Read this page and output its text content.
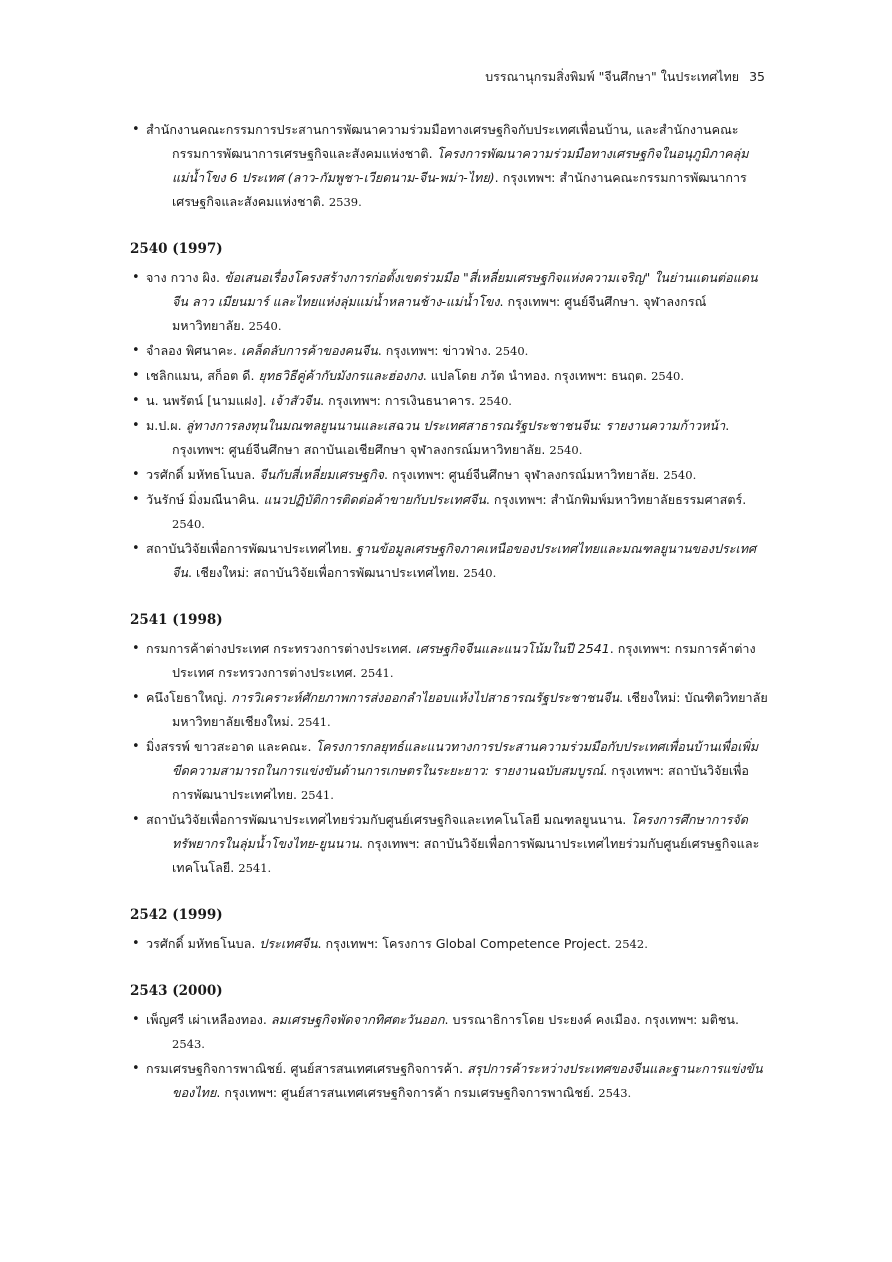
บรรณานุกรมสิ่งพิมพ์ "จีนศึกษา" ในประเทศไทย 35
• สำนักงานคณะกรรมการประสานการพัฒนาความร่วมมือทางเศรษฐกิจกับประเทศเพื่อนบ้าน, และสำนักงานคณะกรรมการพัฒนาการเศรษฐกิจและสังคมแห่งชาติ. โครงการพัฒนาความร่วมมือทางเศรษฐกิจในอนุภูมิภาคลุ่มแม่น้ำโขง 6 ประเทศ (ลาว-กัมพูชา-เวียดนาม-จีน-พม่า-ไทย). กรุงเทพฯ: สำนักงานคณะกรรมการพัฒนาการเศรษฐกิจและสังคมแห่งชาติ. 2539.
2540 (1997)
• จาง กวาง ผิง. ข้อเสนอเรื่องโครงสร้างการก่อตั้งเขตร่วมมือ "สี่เหลี่ยมเศรษฐกิจแห่งความเจริญ" ในย่านแดนต่อแดนจีน ลาว เมียนมาร์ และไทยแห่งลุ่มแม่น้ำหลานช้าง-แม่น้ำโขง. กรุงเทพฯ: ศูนย์จีนศึกษา. จุฬาลงกรณ์มหาวิทยาลัย. 2540.
• จำลอง พิศนาคะ. เคล็ดลับการค้าของคนจีน. กรุงเทพฯ: ข่าวฟ่าง. 2540.
• เชลิกแมน, สก็อต ดี. ยุทธวิธีคู่ค้ากับมังกรและฮ่องกง. แปลโดย ภวัต นำทอง. กรุงเทพฯ: ธนฤต. 2540.
• น. นพรัตน์ [นามแฝง]. เจ้าสัวจีน. กรุงเทพฯ: การเงินธนาคาร. 2540.
• ม.ป.ผ. ลู่ทางการลงทุนในมณฑลยูนนานและเสฉวน ประเทศสาธารณรัฐประชาชนจีน: รายงานความก้าวหน้า. กรุงเทพฯ: ศูนย์จีนศึกษา สถาบันเอเชียศึกษา จุฬาลงกรณ์มหาวิทยาลัย. 2540.
• วรศักดิ์ มหัทธโนบล. จีนกับสี่เหลี่ยมเศรษฐกิจ. กรุงเทพฯ: ศูนย์จีนศึกษา จุฬาลงกรณ์มหาวิทยาลัย. 2540.
• วันรักษ์ มิ่งมณีนาคิน. แนวปฏิบัติการติดต่อค้าขายกับประเทศจีน. กรุงเทพฯ: สำนักพิมพ์มหาวิทยาลัยธรรมศาสตร์. 2540.
• สถาบันวิจัยเพื่อการพัฒนาประเทศไทย. ฐานข้อมูลเศรษฐกิจภาคเหนือของประเทศไทยและมณฑลยูนานของประเทศจีน. เชียงใหม่: สถาบันวิจัยเพื่อการพัฒนาประเทศไทย. 2540.
2541 (1998)
• กรมการค้าต่างประเทศ กระทรวงการต่างประเทศ. เศรษฐกิจจีนและแนวโน้มในปี 2541. กรุงเทพฯ: กรมการค้าต่างประเทศ กระทรวงการต่างประเทศ. 2541.
• คนึงโยธาใหญ่. การวิเคราะห์ศักยภาพการส่งออกลำไยอบแห้งไปสาธารณรัฐประชาชนจีน. เชียงใหม่: บัณฑิตวิทยาลัย มหาวิทยาลัยเชียงใหม่. 2541.
• มิ่งสรรพ์ ขาวสะอาด และคณะ. โครงการกลยุทธ์และแนวทางการประสานความร่วมมือกับประเทศเพื่อนบ้านเพื่อเพิ่มขีดความสามารถในการแข่งขันด้านการเกษตรในระยะยาว: รายงานฉบับสมบูรณ์. กรุงเทพฯ: สถาบันวิจัยเพื่อการพัฒนาประเทศไทย. 2541.
• สถาบันวิจัยเพื่อการพัฒนาประเทศไทยร่วมกับศูนย์เศรษฐกิจและเทคโนโลยี มณฑลยูนนาน. โครงการศึกษาการจัดทรัพยากรในลุ่มน้ำโขงไทย-ยูนนาน. กรุงเทพฯ: สถาบันวิจัยเพื่อการพัฒนาประเทศไทยร่วมกับศูนย์เศรษฐกิจและเทคโนโลยี. 2541.
2542 (1999)
• วรศักดิ์ มหัทธโนบล. ประเทศจีน. กรุงเทพฯ: โครงการ Global Competence Project. 2542.
2543 (2000)
• เพ็ญศรี เผ่าเหลืองทอง. ลมเศรษฐกิจพัดจากทิศตะวันออก. บรรณาธิการโดย ประยงค์ คงเมือง. กรุงเทพฯ: มติชน. 2543.
• กรมเศรษฐกิจการพาณิชย์. ศูนย์สารสนเทศเศรษฐกิจการค้า. สรุปการค้าระหว่างประเทศของจีนและฐานะการแข่งขันของไทย. กรุงเทพฯ: ศูนย์สารสนเทศเศรษฐกิจการค้า กรมเศรษฐกิจการพาณิชย์. 2543.
